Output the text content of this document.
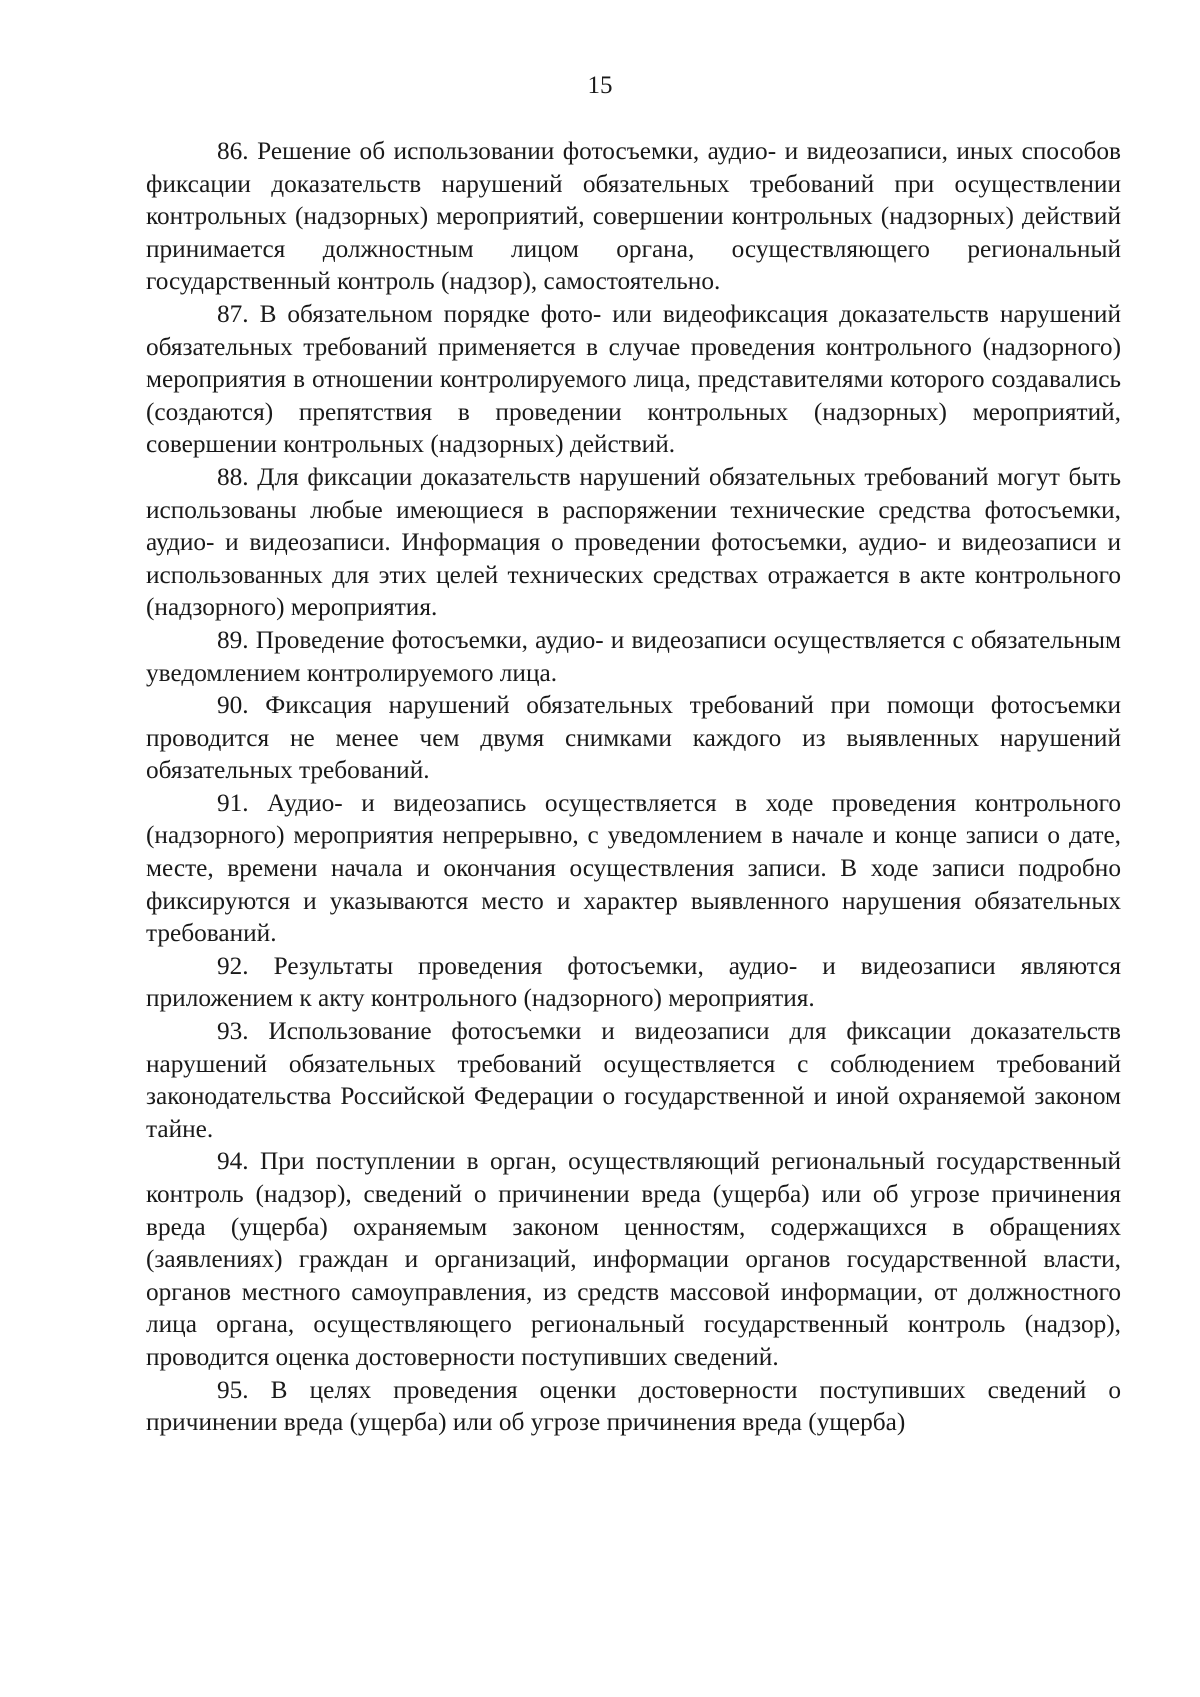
15

86. Решение об использовании фотосъемки, аудио- и видеозаписи, иных способов фиксации доказательств нарушений обязательных требований при осуществлении контрольных (надзорных) мероприятий, совершении контрольных (надзорных) действий принимается должностным лицом органа, осуществляющего региональный государственный контроль (надзор), самостоятельно.

87. В обязательном порядке фото- или видеофиксация доказательств нарушений обязательных требований применяется в случае проведения контрольного (надзорного) мероприятия в отношении контролируемого лица, представителями которого создавались (создаются) препятствия в проведении контрольных (надзорных) мероприятий, совершении контрольных (надзорных) действий.

88. Для фиксации доказательств нарушений обязательных требований могут быть использованы любые имеющиеся в распоряжении технические средства фотосъемки, аудио- и видеозаписи. Информация о проведении фотосъемки, аудио- и видеозаписи и использованных для этих целей технических средствах отражается в акте контрольного (надзорного) мероприятия.

89. Проведение фотосъемки, аудио- и видеозаписи осуществляется с обязательным уведомлением контролируемого лица.

90. Фиксация нарушений обязательных требований при помощи фотосъемки проводится не менее чем двумя снимками каждого из выявленных нарушений обязательных требований.

91. Аудио- и видеозапись осуществляется в ходе проведения контрольного (надзорного) мероприятия непрерывно, с уведомлением в начале и конце записи о дате, месте, времени начала и окончания осуществления записи. В ходе записи подробно фиксируются и указываются место и характер выявленного нарушения обязательных требований.

92. Результаты проведения фотосъемки, аудио- и видеозаписи являются приложением к акту контрольного (надзорного) мероприятия.

93. Использование фотосъемки и видеозаписи для фиксации доказательств нарушений обязательных требований осуществляется с соблюдением требований законодательства Российской Федерации о государственной и иной охраняемой законом тайне.

94. При поступлении в орган, осуществляющий региональный государственный контроль (надзор), сведений о причинении вреда (ущерба) или об угрозе причинения вреда (ущерба) охраняемым законом ценностям, содержащихся в обращениях (заявлениях) граждан и организаций, информации органов государственной власти, органов местного самоуправления, из средств массовой информации, от должностного лица органа, осуществляющего региональный государственный контроль (надзор), проводится оценка достоверности поступивших сведений.

95. В целях проведения оценки достоверности поступивших сведений о причинении вреда (ущерба) или об угрозе причинения вреда (ущерба)
